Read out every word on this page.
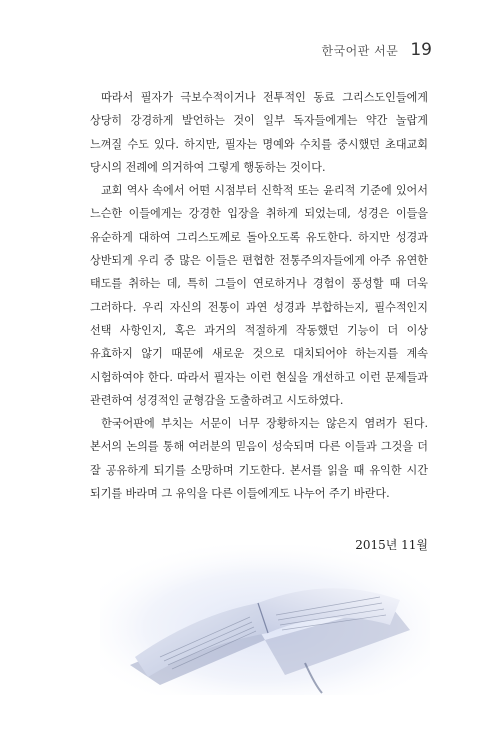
한국어판 서문 19

따라서 필자가 극보수적이거나 전투적인 동료 그리스도인들에게 상당히 강경하게 발언하는 것이 일부 독자들에게는 약간 놀랍게 느껴질 수도 있다. 하지만, 필자는 명예와 수치를 중시했던 초대교회 당시의 전례에 의거하여 그렇게 행동하는 것이다.

교회 역사 속에서 어떤 시점부터 신학적 또는 윤리적 기준에 있어서 느슨한 이들에게는 강경한 입장을 취하게 되었는데, 성경은 이들을 유순하게 대하여 그리스도께로 돌아오도록 유도한다. 하지만 성경과 상반되게 우리 중 많은 이들은 편협한 전통주의자들에게 아주 유연한 태도를 취하는 데, 특히 그들이 연로하거나 경험이 풍성할 때 더욱 그러하다. 우리 자신의 전통이 과연 성경과 부합하는지, 필수적인지 선택 사항인지, 혹은 과거의 적절하게 작동했던 기능이 더 이상 유효하지 않기 때문에 새로운 것으로 대치되어야 하는지를 계속 시험하여야 한다. 따라서 필자는 이런 현실을 개선하고 이런 문제들과 관련하여 성경적인 균형감을 도출하려고 시도하였다.

한국어판에 부치는 서문이 너무 장황하지는 않은지 염려가 된다. 본서의 논의를 통해 여러분의 믿음이 성숙되며 다른 이들과 그것을 더 잘 공유하게 되기를 소망하며 기도한다. 본서를 읽을 때 유익한 시간 되기를 바라며 그 유익을 다른 이들에게도 나누어 주기 바란다.
